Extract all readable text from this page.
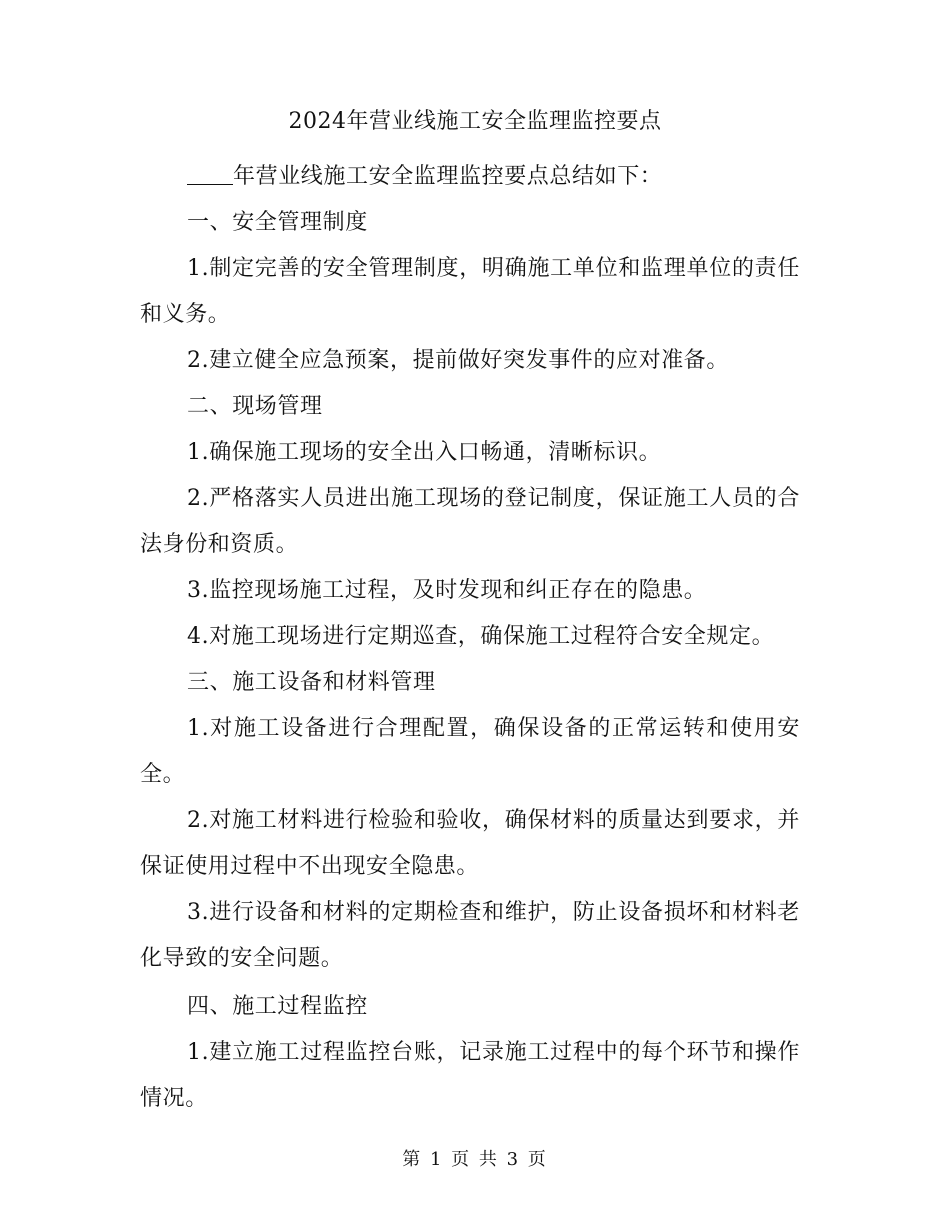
2024年营业线施工安全监理监控要点

年营业线施工安全监理监控要点总结如下：

一、安全管理制度

1.制定完善的安全管理制度，明确施工单位和监理单位的责任和义务。

2.建立健全应急预案，提前做好突发事件的应对准备。

二、现场管理

1.确保施工现场的安全出入口畅通，清晰标识。

2.严格落实人员进出施工现场的登记制度，保证施工人员的合法身份和资质。

3.监控现场施工过程，及时发现和纠正存在的隐患。

4.对施工现场进行定期巡查，确保施工过程符合安全规定。

三、施工设备和材料管理

1.对施工设备进行合理配置，确保设备的正常运转和使用安全。

2.对施工材料进行检验和验收，确保材料的质量达到要求，并保证使用过程中不出现安全隐患。

3.进行设备和材料的定期检查和维护，防止设备损坏和材料老化导致的安全问题。

四、施工过程监控

1.建立施工过程监控台账，记录施工过程中的每个环节和操作情况。

第 1 页 共 3 页
